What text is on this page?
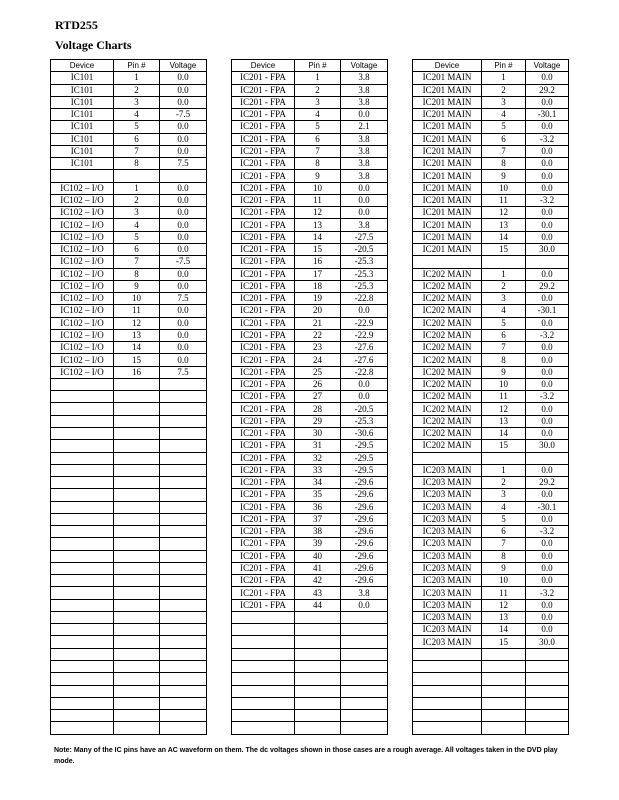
RTD255
Voltage Charts
Device	Pin #	Voltage
IC101	1	0.0
IC101	2	0.0
IC101	3	0.0
IC101	4	-7.5
IC101	5	0.0
IC101	6	0.0
IC101	7	0.0
IC101	8	7.5

IC102 – I/O	1	0.0
IC102 – I/O	2	0.0
IC102 – I/O	3	0.0
IC102 – I/O	4	0.0
IC102 – I/O	5	0.0
IC102 – I/O	6	0.0
IC102 – I/O	7	-7.5
IC102 – I/O	8	0.0
IC102 – I/O	9	0.0
IC102 – I/O	10	7.5
IC102 – I/O	11	0.0
IC102 – I/O	12	0.0
IC102 – I/O	13	0.0
IC102 – I/O	14	0.0
IC102 – I/O	15	0.0
IC102 – I/O	16	7.5

Device	Pin #	Voltage
IC201 - FPA	1	3.8
IC201 - FPA	2	3.8
IC201 - FPA	3	3.8
IC201 - FPA	4	0.0
IC201 - FPA	5	2.1
IC201 - FPA	6	3.8
IC201 - FPA	7	3.8
IC201 - FPA	8	3.8
IC201 - FPA	9	3.8
IC201 - FPA	10	0.0
IC201 - FPA	11	0.0
IC201 - FPA	12	0.0
IC201 - FPA	13	3.8
IC201 - FPA	14	-27.5
IC201 - FPA	15	-20.5
IC201 - FPA	16	-25.3
IC201 - FPA	17	-25.3
IC201 - FPA	18	-25.3
IC201 - FPA	19	-22.8
IC201 - FPA	20	0.0
IC201 - FPA	21	-22.9
IC201 - FPA	22	-22.9
IC201 - FPA	23	-27.6
IC201 - FPA	24	-27.6
IC201 - FPA	25	-22.8
IC201 - FPA	26	0.0
IC201 - FPA	27	0.0
IC201 - FPA	28	-20.5
IC201 - FPA	29	-25.3
IC201 - FPA	30	-30.6
IC201 - FPA	31	-29.5
IC201 - FPA	32	-29.5
IC201 - FPA	33	-29.5
IC201 - FPA	34	-29.6
IC201 - FPA	35	-29.6
IC201 - FPA	36	-29.6
IC201 - FPA	37	-29.6
IC201 - FPA	38	-29.6
IC201 - FPA	39	-29.6
IC201 - FPA	40	-29.6
IC201 - FPA	41	-29.6
IC201 - FPA	42	-29.6
IC201 - FPA	43	3.8
IC201 - FPA	44	0.0

Device	Pin #	Voltage
IC201 MAIN	1	0.0
IC201 MAIN	2	29.2
IC201 MAIN	3	0.0
IC201 MAIN	4	-30.1
IC201 MAIN	5	0.0
IC201 MAIN	6	-3.2
IC201 MAIN	7	0.0
IC201 MAIN	8	0.0
IC201 MAIN	9	0.0
IC201 MAIN	10	0.0
IC201 MAIN	11	-3.2
IC201 MAIN	12	0.0
IC201 MAIN	13	0.0
IC201 MAIN	14	0.0
IC201 MAIN	15	30.0

IC202 MAIN	1	0.0
IC202 MAIN	2	29.2
IC202 MAIN	3	0.0
IC202 MAIN	4	-30.1
IC202 MAIN	5	0.0
IC202 MAIN	6	-3.2
IC202 MAIN	7	0.0
IC202 MAIN	8	0.0
IC202 MAIN	9	0.0
IC202 MAIN	10	0.0
IC202 MAIN	11	-3.2
IC202 MAIN	12	0.0
IC202 MAIN	13	0.0
IC202 MAIN	14	0.0
IC202 MAIN	15	30.0

IC203 MAIN	1	0.0
IC203 MAIN	2	29.2
IC203 MAIN	3	0.0
IC203 MAIN	4	-30.1
IC203 MAIN	5	0.0
IC203 MAIN	6	-3.2
IC203 MAIN	7	0.0
IC203 MAIN	8	0.0
IC203 MAIN	9	0.0
IC203 MAIN	10	0.0
IC203 MAIN	11	-3.2
IC203 MAIN	12	0.0
IC203 MAIN	13	0.0
IC203 MAIN	14	0.0
IC203 MAIN	15	30.0

Note: Many of the IC pins have an AC waveform on them. The dc voltages shown in those cases are a rough average. All voltages taken in the DVD play mode.
